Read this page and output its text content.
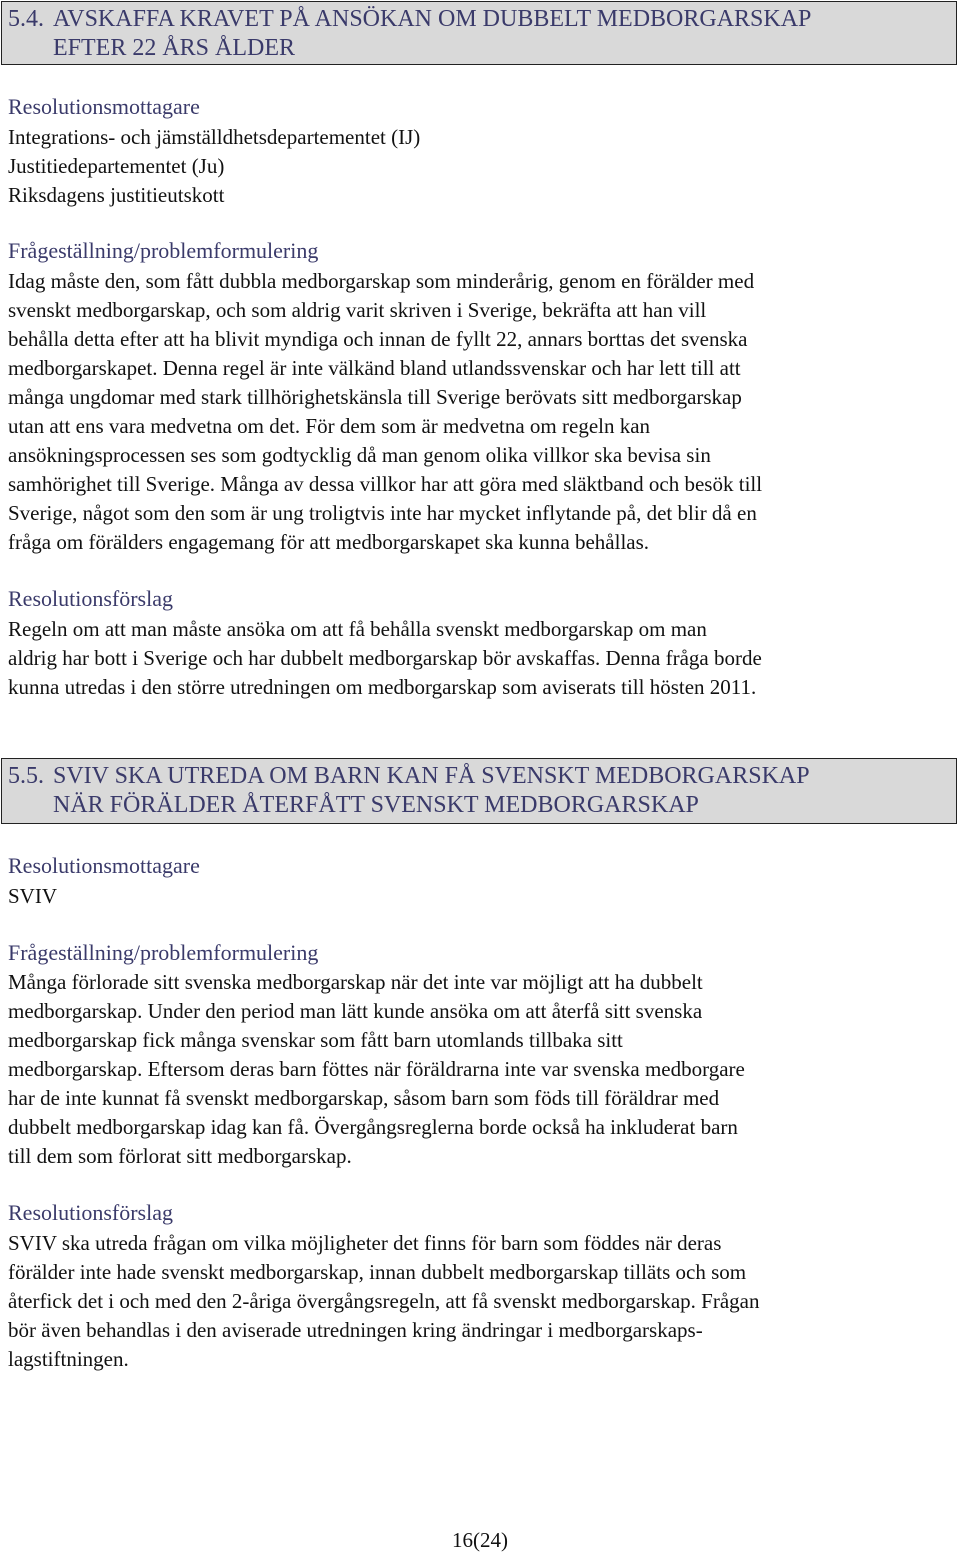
5.4. AVSKAFFA KRAVET PÅ ANSÖKAN OM DUBBELT MEDBORGARSKAP
EFTER 22 ÅRS ÅLDER
Resolutionsmottagare
Integrations- och jämställdhetsdepartementet (IJ)
Justitiedepartementet (Ju)
Riksdagens justitieutskott
Frågeställning/problemformulering

Idag måste den, som fått dubbla medborgarskap som minderårig, genom en förälder med

svenskt medborgarskap, och som aldrig varit skriven i Sverige, bekräfta att han vill

behålla detta efter att ha blivit myndiga och innan de fyllt 22, annars borttas det svenska

medborgarskapet. Denna regel är inte välkänd bland utlandssvenskar och har lett till att

många ungdomar med stark tillhörighetskänsla till Sverige berövats sitt medborgarskap

utan att ens vara medvetna om det. För dem som är medvetna om regeln kan

ansökningsprocessen ses som godtycklig då man genom olika villkor ska bevisa sin

samhörighet till Sverige. Många av dessa villkor har att göra med släktband och besök till

Sverige, något som den som är ung troligtvis inte har mycket inflytande på, det blir då en

fråga om förälders engagemang för att medborgarskapet ska kunna behållas.

Resolutionsförslag

Regeln om att man måste ansöka om att få behålla svenskt medborgarskap om man

aldrig har bott i Sverige och har dubbelt medborgarskap bör avskaffas. Denna fråga borde

kunna utredas i den större utredningen om medborgarskap som aviserats till hösten 2011.

5.5. SVIV SKA UTREDA OM BARN KAN FÅ SVENSKT MEDBORGARSKAP
NÄR FÖRÄLDER ÅTERFÅTT SVENSKT MEDBORGARSKAP
Resolutionsmottagare
SVIV
Frågeställning/problemformulering

Många förlorade sitt svenska medborgarskap när det inte var möjligt att ha dubbelt

medborgarskap. Under den period man lätt kunde ansöka om att återfå sitt svenska

medborgarskap fick många svenskar som fått barn utomlands tillbaka sitt

medborgarskap. Eftersom deras barn föttes när föräldrarna inte var svenska medborgare

har de inte kunnat få svenskt medborgarskap, såsom barn som föds till föräldrar med

dubbelt medborgarskap idag kan få. Övergångsreglerna borde också ha inkluderat barn

till dem som förlorat sitt medborgarskap.

Resolutionsförslag

SVIV ska utreda frågan om vilka möjligheter det finns för barn som föddes när deras

förälder inte hade svenskt medborgarskap, innan dubbelt medborgarskap tilläts och som

återfick det i och med den 2-åriga övergångsregeln, att få svenskt medborgarskap. Frågan

bör även behandlas i den aviserade utredningen kring ändringar i medborgarskaps-

lagstiftningen.

16(24)
